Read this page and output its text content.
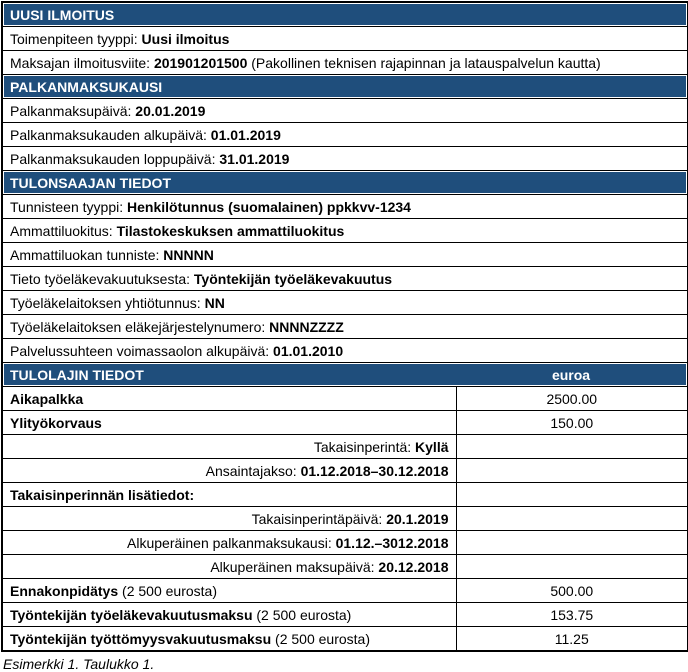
UUSI ILMOITUS	
Toimenpiteen tyyppi: Uusi ilmoitus	
Maksajan ilmoitusviite: 201901201500 (Pakollinen teknisen rajapinnan ja latauspalvelun kautta)	
PALKANMAKSUKAUSI	
Palkanmaksupäivä: 20.01.2019	
Palkanmaksukauden alkupäivä: 01.01.2019	
Palkanmaksukauden loppupäivä: 31.01.2019	
TULONSAAJAN TIEDOT	
Tunnisteen tyyppi: Henkilötunnus (suomalainen) ppkkvv-1234	
Ammattiluokitus: Tilastokeskuksen ammattiluokitus	
Ammattiluokan tunniste: NNNNN	
Tieto työeläkevakuutuksesta: Työntekijän työeläkevakuutus	
Työeläkelaitoksen yhtiötunnus: NN	
Työeläkelaitoksen eläkejärjestelynumero: NNNNZZZZ	
Palvelussuhteen voimassaolon alkupäivä: 01.01.2010	

TULOLAJIN TIEDOT euroa	

Aikapalkka	2500.00
Ylityökorvaus	150.00
Takaisinperintä: Kyllä	
Ansaintajakso: 01.12.2018–30.12.2018	
Takaisinperinnän lisätiedot:	
Takaisinperintäpäivä: 20.1.2019	
Alkuperäinen palkanmaksukausi: 01.12.–3012.2018	
Alkuperäinen maksupäivä: 20.12.2018	
Ennakonpidätys (2 500 eurosta)	500.00
Työntekijän työeläkevakuutusmaksu (2 500 eurosta)	153.75
Työntekijän työttömyysvakuutusmaksu (2 500 eurosta)	11.25
Esimerkki 1. Taulukko 1.
